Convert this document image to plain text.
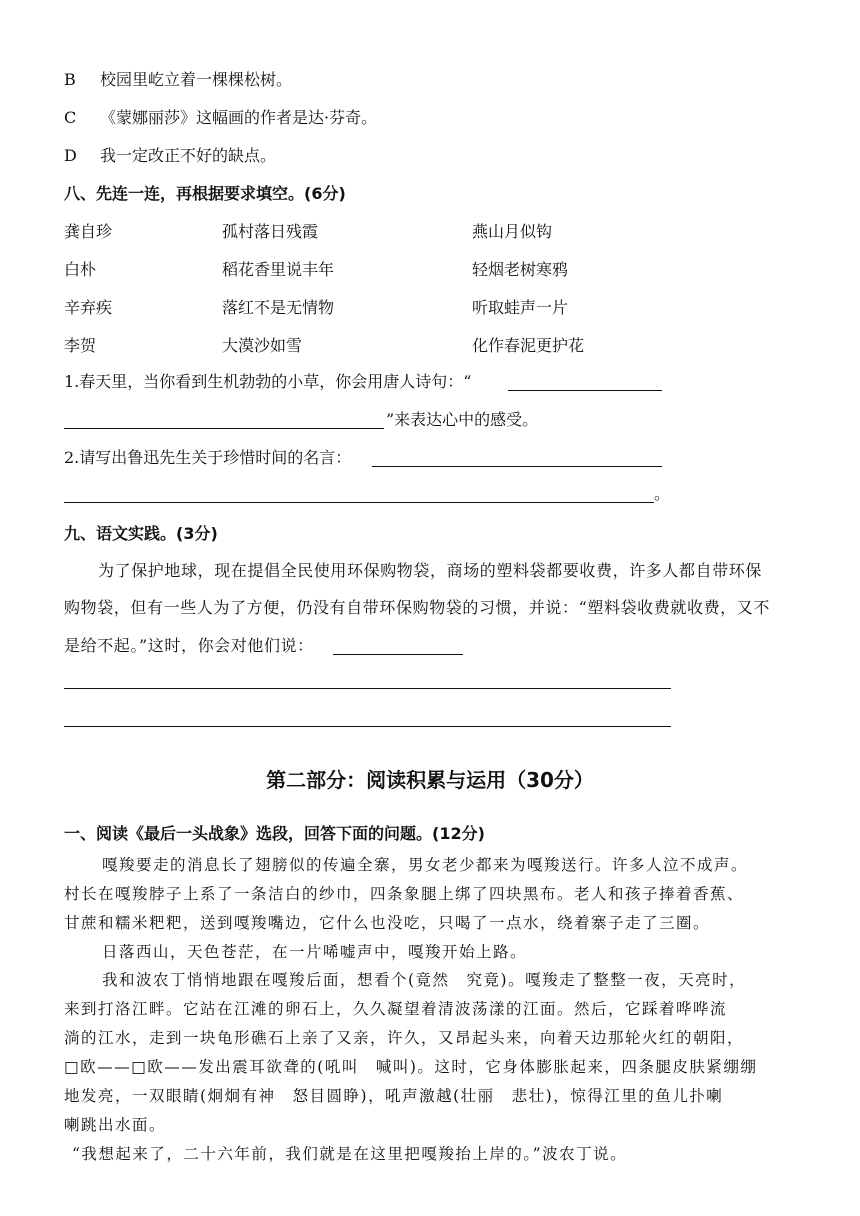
B 校园里屹立着一棵棵松树。
C 《蒙娜丽莎》这幅画的作者是达·芬奇。
D 我一定改正不好的缺点。
八、先连一连，再根据要求填空。(6分)
龚自珍
白朴
辛弃疾
李贺
孤村落日残霞
稻花香里说丰年
落红不是无情物
大漠沙如雪
燕山月似钩
轻烟老树寒鸦
听取蛙声一片
化作春泥更护花
1.春天里，当你看到生机勃勃的小草，你会用唐人诗句：“
”来表达心中的感受。
2.请写出鲁迅先生关于珍惜时间的名言：
。
九、语文实践。(3分)
为了保护地球，现在提倡全民使用环保购物袋，商场的塑料袋都要收费，许多人都自带环保
购物袋，但有一些人为了方便，仍没有自带环保购物袋的习惯，并说：“塑料袋收费就收费，又不
是给不起。”这时，你会对他们说：
第二部分：阅读积累与运用（30分）
一、阅读《最后一头战象》选段，回答下面的问题。(12分)
嘎羧要走的消息长了翅膀似的传遍全寨，男女老少都来为嘎羧送行。许多人泣不成声。
村长在嘎羧脖子上系了一条洁白的纱巾，四条象腿上绑了四块黑布。老人和孩子捧着香蕉、
甘蔗和糯米粑粑，送到嘎羧嘴边，它什么也没吃，只喝了一点水，绕着寨子走了三圈。
日落西山，天色苍茫，在一片唏嘘声中，嘎羧开始上路。
我和波农丁悄悄地跟在嘎羧后面，想看个(竟然　究竟)。嘎羧走了整整一夜，天亮时，
来到打洛江畔。它站在江滩的卵石上，久久凝望着清波荡漾的江面。然后，它踩着哗哗流
淌的江水，走到一块龟形礁石上亲了又亲，许久，又昂起头来，向着天边那轮火红的朝阳，
□欧——□欧——发出震耳欲聋的(吼叫　喊叫)。这时，它身体膨胀起来，四条腿皮肤紧绷绷
地发亮，一双眼睛(炯炯有神　怒目圆睁)，吼声激越(壮丽　悲壮)，惊得江里的鱼儿扑喇
喇跳出水面。
“我想起来了，二十六年前，我们就是在这里把嘎羧抬上岸的。”波农丁说。
